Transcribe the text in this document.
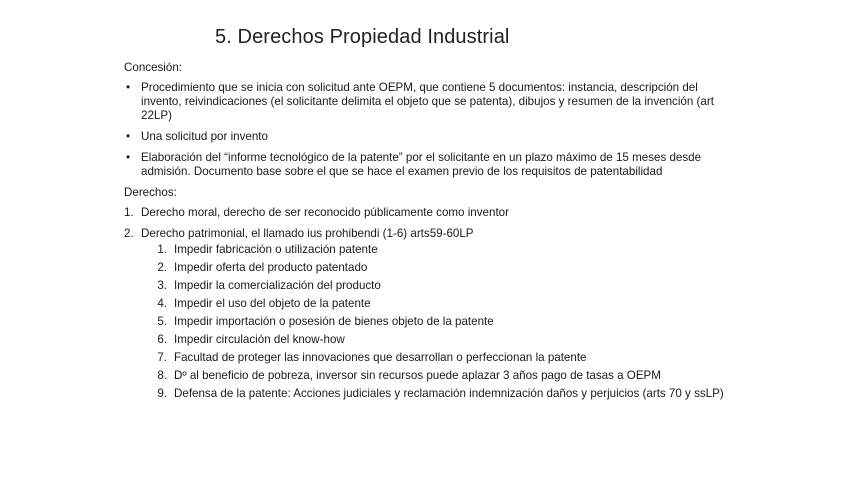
5. Derechos Propiedad Industrial
Concesión:
• Procedimiento que se inicia con solicitud ante OEPM, que contiene 5 documentos: instancia, descripción del invento, reivindicaciones (el solicitante delimita el objeto que se patenta), dibujos y resumen de la invención (art 22LP)
• Una solicitud por invento
• Elaboración del “informe tecnológico de la patente” por el solicitante en un plazo máximo de 15 meses desde admisión. Documento base sobre el que se hace el examen previo de los requisitos de patentabilidad
Derechos:
1. Derecho moral, derecho de ser reconocido públicamente como inventor
2. Derecho patrimonial, el llamado ius prohibendi (1-6) arts59-60LP
1. Impedir fabricación o utilización patente
2. Impedir oferta del producto patentado
3. Impedir la comercialización del producto
4. Impedir el uso del objeto de la patente
5. Impedir importación o posesión de bienes objeto de la patente
6. Impedir circulación del know-how
7. Facultad de proteger las innovaciones que desarrollan o perfeccionan la patente
8. Dº al beneficio de pobreza, inversor sin recursos puede aplazar 3 años pago de tasas a OEPM
9. Defensa de la patente: Acciones judiciales y reclamación indemnización daños y perjuicios (arts 70 y ssLP)
